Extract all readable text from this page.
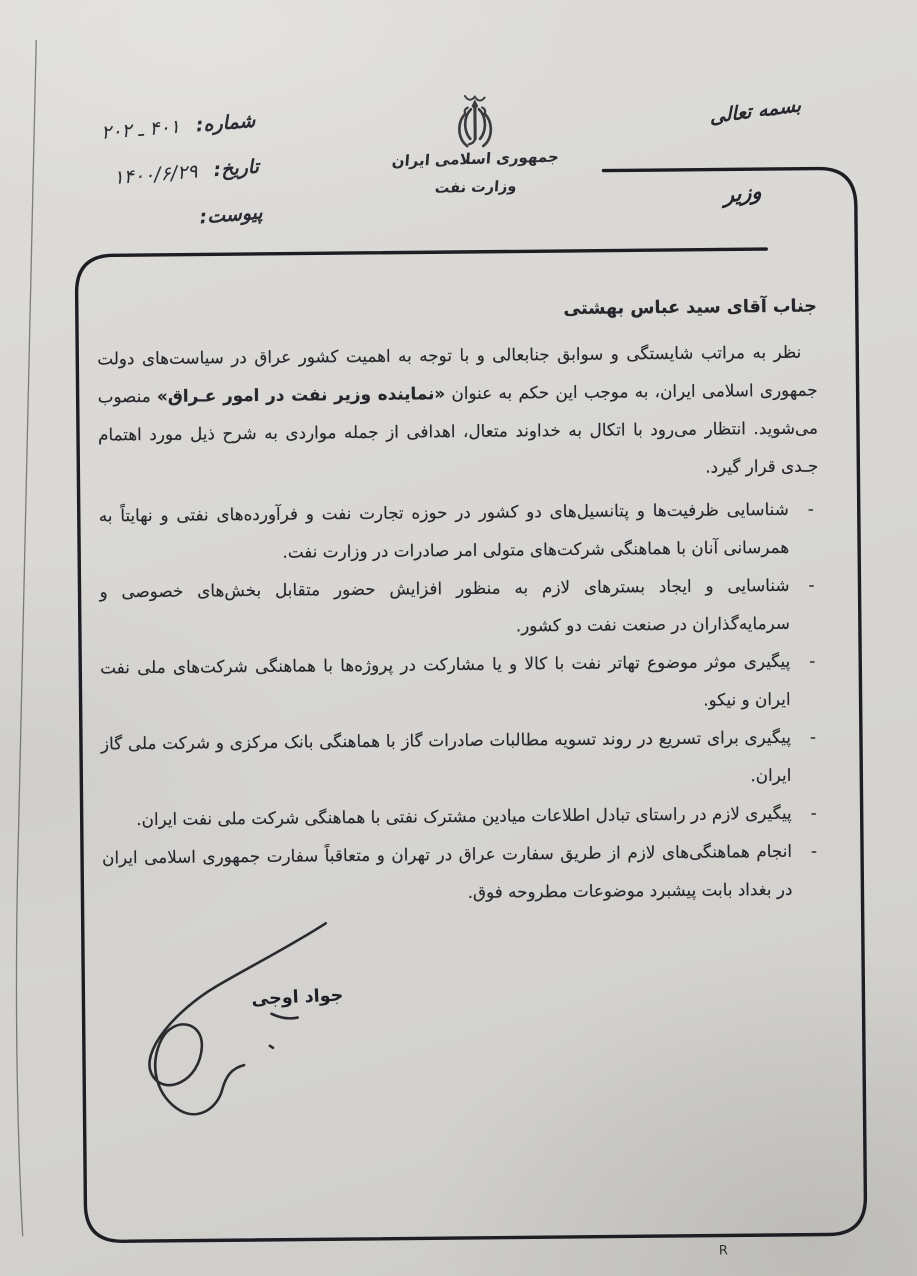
جمهوری اسلامی ایران
وزارت نفت
بسمه تعالی
وزیر
شماره: ۴۰۱ ـ ۲۰۲
تاریخ: ۱۴۰۰/۶/۲۹
پیوست:
جناب آقای سید عباس بهشتی

نظر به مراتب شایستگی و سوابق جنابعالی و با توجه به اهمیت کشور عراق در سیاست‌های دولت جمهوری اسلامی ایران، به موجب این حکم به عنوان «نماینده وزیر نفت در امور عـراق» منصوب می‌شوید. انتظار می‌رود با اتکال به خداوند متعال، اهدافی از جمله مواردی به شرح ذیل مورد اهتمام جـدی قرار گیرد.

-
شناسایی ظرفیت‌ها و پتانسیل‌های دو کشور در حوزه تجارت نفت و فرآورده‌های نفتی و نهایتاً به همرسانی آنان با هماهنگی شرکت‌های متولی امر صادرات در وزارت نفت.
-
شناسایی و ایجاد بسترهای لازم به منظور افزایش حضور متقابل بخش‌های خصوصی و سرمایه‌گذاران در صنعت نفت دو کشور.
-
پیگیری موثر موضوع تهاتر نفت با کالا و یا مشارکت در پروژه‌ها با هماهنگی شرکت‌های ملی نفت ایران و نیکو.
-
پیگیری برای تسریع در روند تسویه مطالبات صادرات گاز با هماهنگی بانک مرکزی و شرکت ملی گاز ایران.
-
پیگیری لازم در راستای تبادل اطلاعات میادین مشترک نفتی با هماهنگی شرکت ملی نفت ایران.
-
انجام هماهنگی‌های لازم از طریق سفارت عراق در تهران و متعاقباً سفارت جمهوری اسلامی ایران در بغداد بابت پیشبرد موضوعات مطروحه فوق.
جواد اوجی
R
